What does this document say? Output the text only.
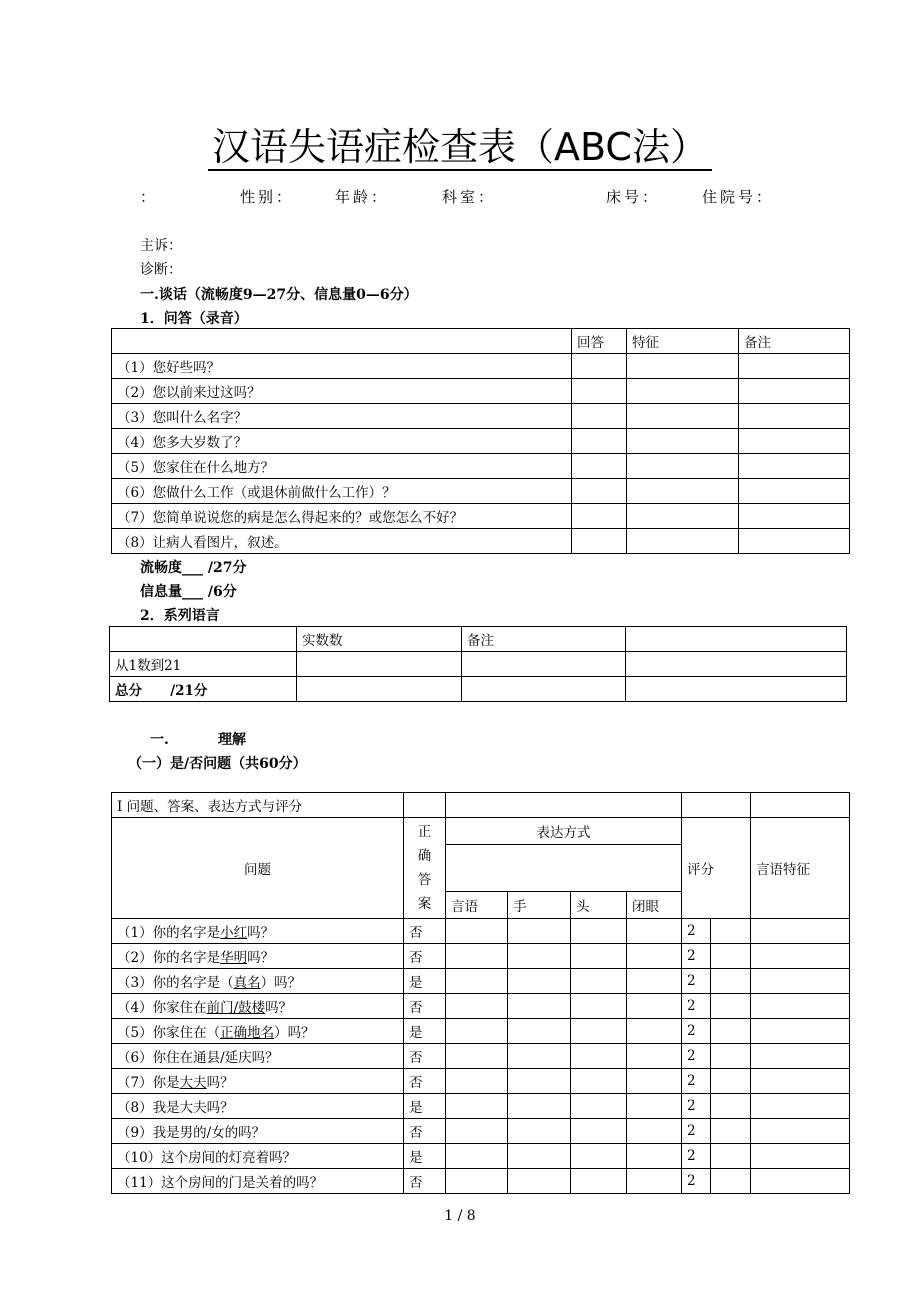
汉语失语症检查表（ABC法）
：	性别：	年龄：	科室：	床号：	住院号：
主诉：
诊断：
一.谈话（流畅度9—27分、信息量0—6分）
1．问答（录音）
	回答	特征	备注
（1）您好些吗？			
（2）您以前来过这吗？			
（3）您叫什么名字？			
（4）您多大岁数了？			
（5）您家住在什么地方？			
（6）您做什么工作（或退休前做什么工作）？			
（7）您简单说说您的病是怎么得起来的？或您怎么不好？			
（8）让病人看图片，叙述。			
流畅度___ /27分
信息量___ /6分
2．系列语言
	实数数	备注	
从1数到21			
总分      /21分			
一.	理解
（一）是/否问题（共60分）
Ⅰ 问题、答案、表达方式与评分								
问题	正
确
答
案	表达方式				评分		言语特征

		言语	手	头	闭眼			
（1）你的名字是小红吗？	否					2		
（2）你的名字是华明吗？	否					2		
（3）你的名字是（真名）吗？	是					2		
（4）你家住在前门/鼓楼吗？	否					2		
（5）你家住在（正确地名）吗？	是					2		
（6）你住在通县/延庆吗？	否					2		
（7）你是大夫吗？	否					2		
（8）我是大夫吗？	是					2		
（9）我是男的/女的吗？	否					2		
（10）这个房间的灯亮着吗？	是					2		
（11）这个房间的门是关着的吗？	否					2		
1 / 8
